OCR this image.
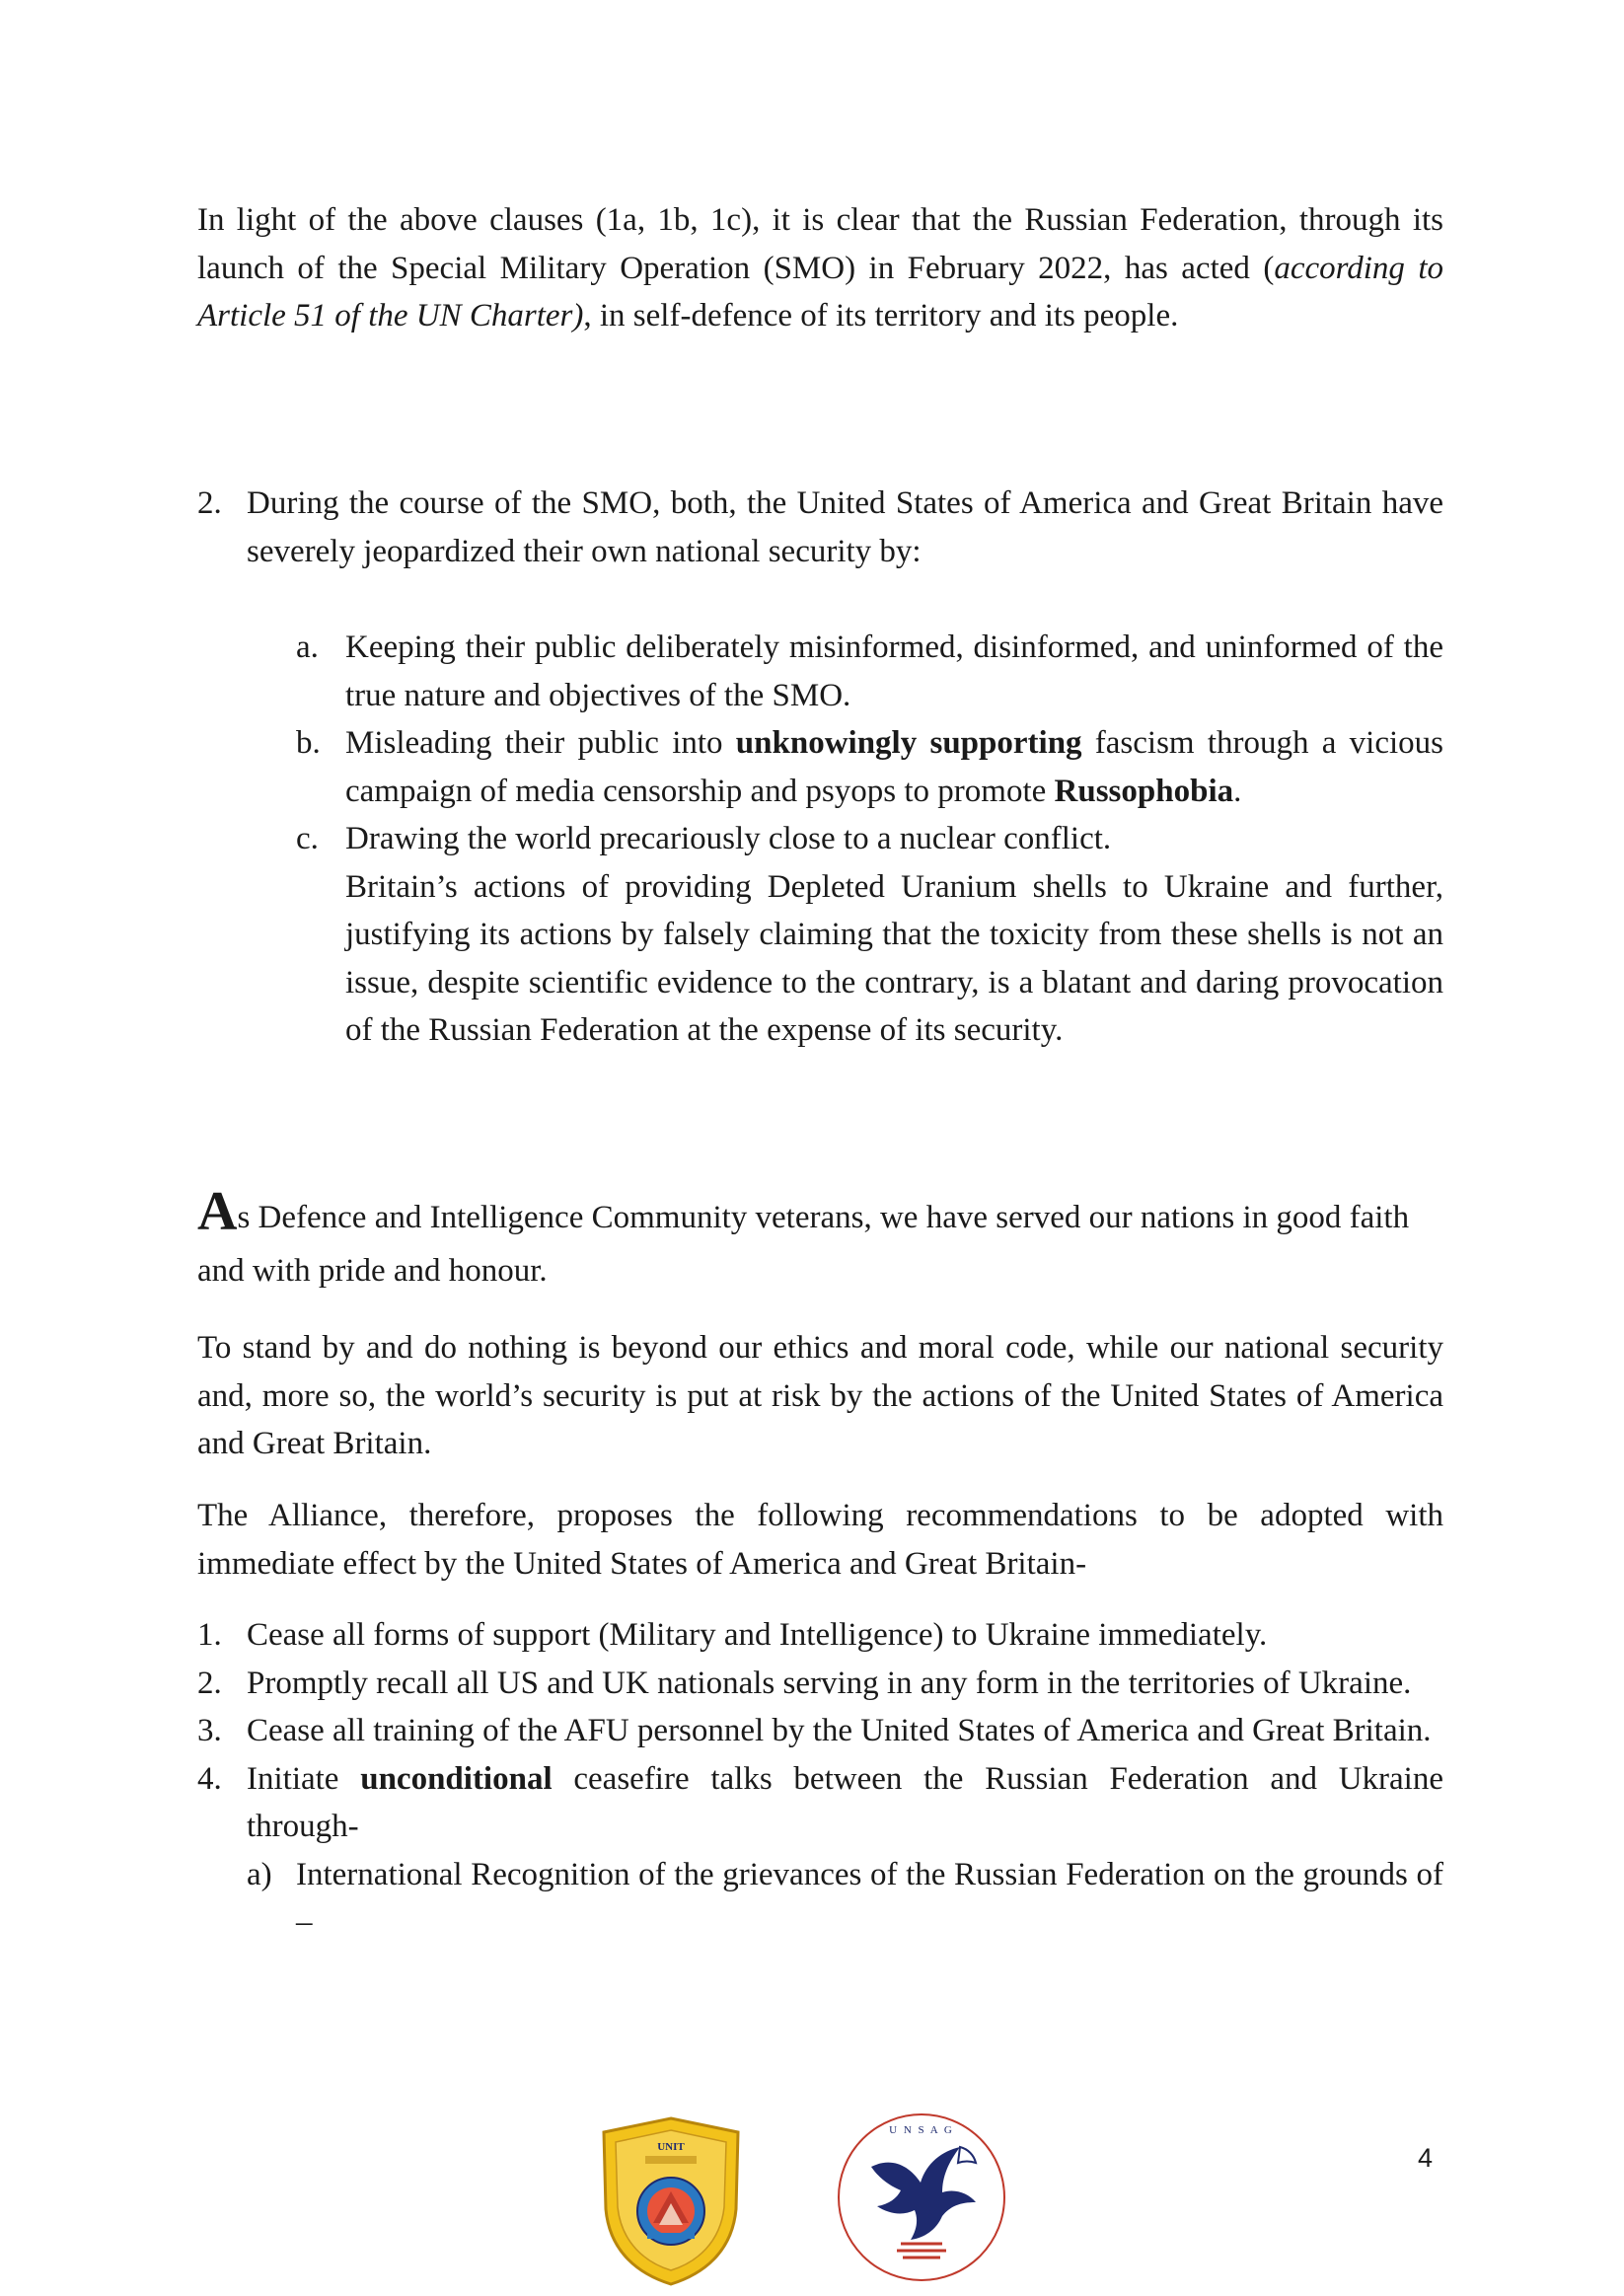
In light of the above clauses (1a, 1b, 1c), it is clear that the Russian Federation, through its launch of the Special Military Operation (SMO) in February 2022, has acted (according to Article 51 of the UN Charter), in self-defence of its territory and its people.
2. During the course of the SMO, both, the United States of America and Great Britain have severely jeopardized their own national security by:
a. Keeping their public deliberately misinformed, disinformed, and uninformed of the true nature and objectives of the SMO.
b. Misleading their public into unknowingly supporting fascism through a vicious campaign of media censorship and psyops to promote Russophobia.
c. Drawing the world precariously close to a nuclear conflict.
Britain’s actions of providing Depleted Uranium shells to Ukraine and further, justifying its actions by falsely claiming that the toxicity from these shells is not an issue, despite scientific evidence to the contrary, is a blatant and daring provocation of the Russian Federation at the expense of its security.
As Defence and Intelligence Community veterans, we have served our nations in good faith and with pride and honour.
To stand by and do nothing is beyond our ethics and moral code, while our national security and, more so, the world’s security is put at risk by the actions of the United States of America and Great Britain.
The Alliance, therefore, proposes the following recommendations to be adopted with immediate effect by the United States of America and Great Britain-
1. Cease all forms of support (Military and Intelligence) to Ukraine immediately.
2. Promptly recall all US and UK nationals serving in any form in the territories of Ukraine.
3. Cease all training of the AFU personnel by the United States of America and Great Britain.
4. Initiate unconditional ceasefire talks between the Russian Federation and Ukraine through-
a) International Recognition of the grievances of the Russian Federation on the grounds of –
UNIT
U N S A G
4
